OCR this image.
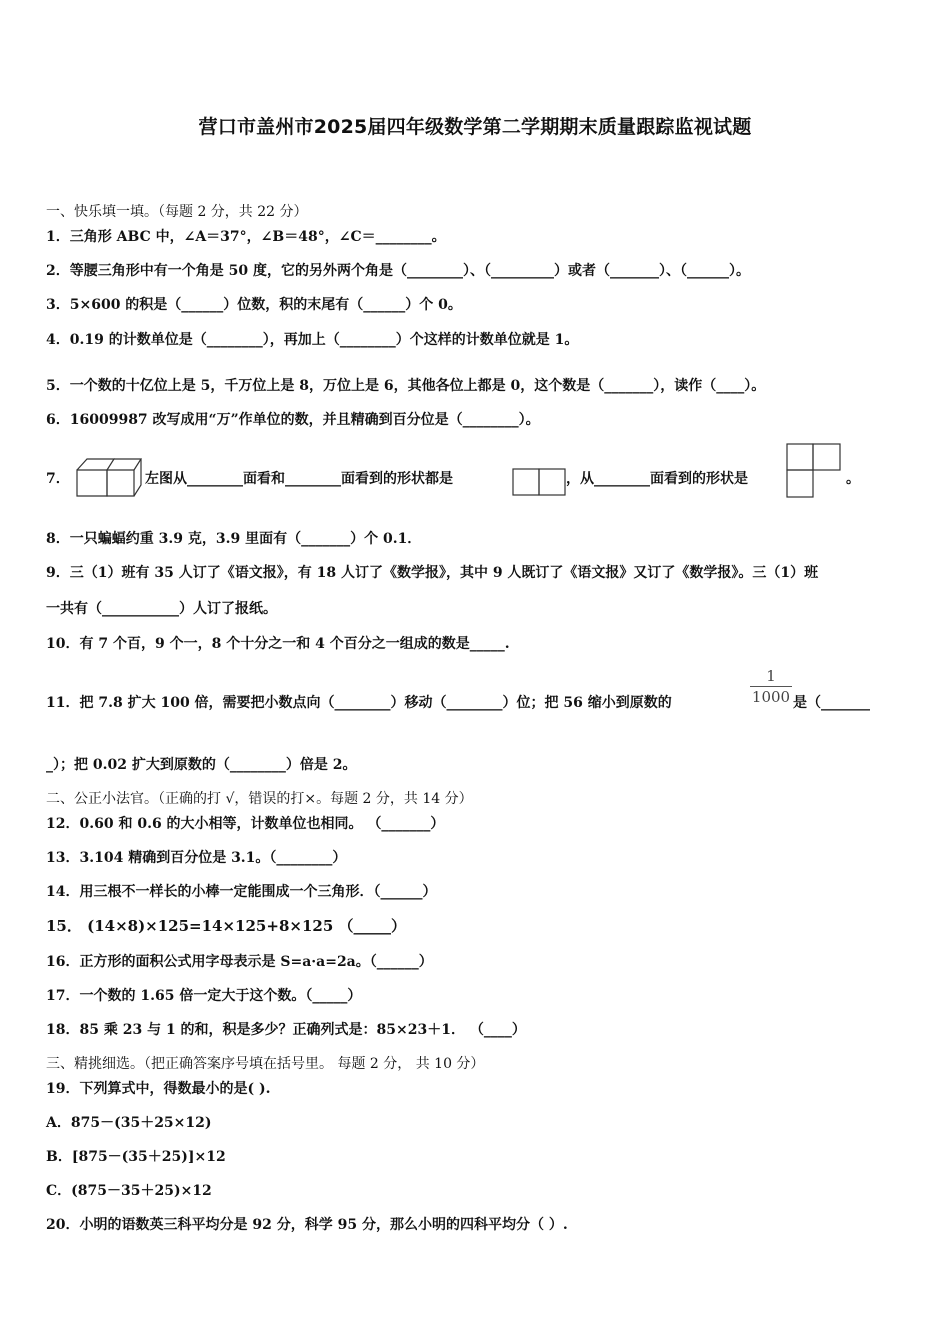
营口市盖州市2025届四年级数学第二学期期末质量跟踪监视试题
一、快乐填一填。（每题 2 分，共 22 分）
1．三角形 ABC 中，∠A＝37°，∠B＝48°，∠C＝________。
2．等腰三角形中有一个角是 50 度，它的另外两个角是（________）、（_________）或者（_______）、（______）。
3．5×600 的积是（______）位数，积的末尾有（______）个 0。
4．0.19 的计数单位是（________），再加上（________）个这样的计数单位就是 1。
5．一个数的十亿位上是 5，千万位上是 8，万位上是 6，其他各位上都是 0，这个数是（_______），读作（____）。
6．16009987 改写成用“万”作单位的数，并且精确到百分位是（________）。
7．	左图从________面看和________面看到的形状都是	，从________面看到的形状是	。
8．一只蝙蝠约重 3.9 克，3.9 里面有（_______）个 0.1．
9．三（1）班有 35 人订了《语文报》，有 18 人订了《数学报》，其中 9 人既订了《语文报》又订了《数学报》。三（1）班
一共有（___________）人订了报纸。
10．有 7 个百，9 个一，8 个十分之一和 4 个百分之一组成的数是_____.
11．把 7.8 扩大 100 倍，需要把小数点向（________）移动（________）位；把 56 缩小到原数的
1
1000 是（_______
_）；把 0.02 扩大到原数的（________）倍是 2。
二、公正小法官。（正确的打 √，错误的打×。每题 2 分，共 14 分）
12．0.60 和 0.6 的大小相等，计数单位也相同。 （_______）
13．3.104 精确到百分位是 3.1。（________）
14．用三根不一样长的小棒一定能围成一个三角形．（______）
15． (14×8)×125=14×125+8×125 （_____）
16．正方形的面积公式用字母表示是 S=a·a=2a。（______）
17．一个数的 1.65 倍一定大于这个数。（_____）
18．85 乘 23 与 1 的和，积是多少？正确列式是：85×23＋1． （____）
三、精挑细选。（把正确答案序号填在括号里。 每题 2 分， 共 10 分）
19．下列算式中，得数最小的是( ).
A．875－(35＋25×12)
B．[875－(35＋25)]×12
C．(875－35＋25)×12
20．小明的语数英三科平均分是 92 分，科学 95 分，那么小明的四科平均分（ ）.
